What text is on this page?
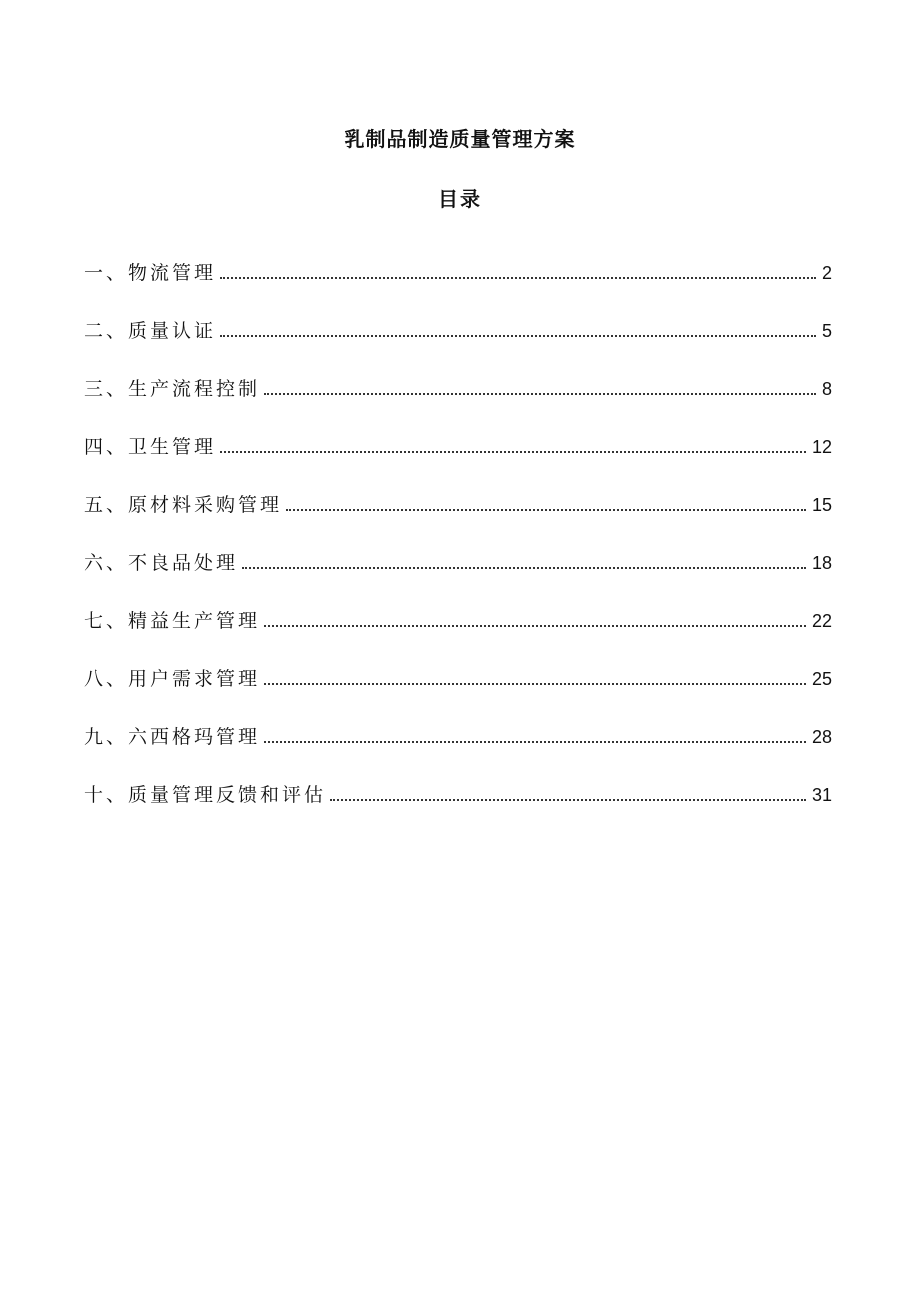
乳制品制造质量管理方案
目录
一、物流管理	2
二、质量认证	5
三、生产流程控制	8
四、卫生管理	12
五、原材料采购管理	15
六、不良品处理	18
七、精益生产管理	22
八、用户需求管理	25
九、六西格玛管理	28
十、质量管理反馈和评估	31
